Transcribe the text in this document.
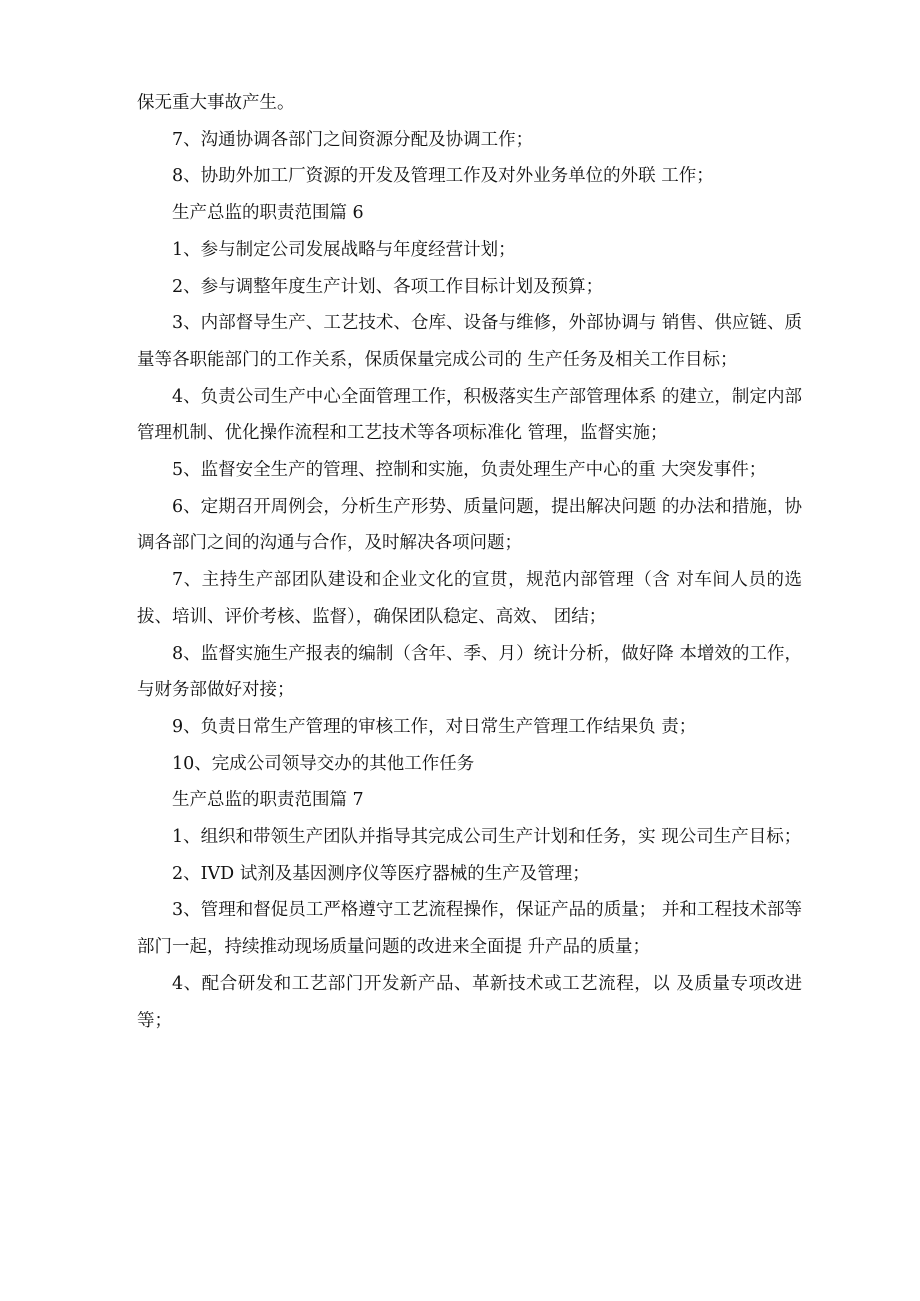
保无重大事故产生。

7、沟通协调各部门之间资源分配及协调工作；

8、协助外加工厂资源的开发及管理工作及对外业务单位的外联 工作；

生产总监的职责范围篇 6

1、参与制定公司发展战略与年度经营计划；

2、参与调整年度生产计划、各项工作目标计划及预算；

3、内部督导生产、工艺技术、仓库、设备与维修，外部协调与 销售、供应链、质量等各职能部门的工作关系，保质保量完成公司的 生产任务及相关工作目标；

4、负责公司生产中心全面管理工作，积极落实生产部管理体系 的建立，制定内部管理机制、优化操作流程和工艺技术等各项标准化 管理，监督实施；

5、监督安全生产的管理、控制和实施，负责处理生产中心的重 大突发事件；

6、定期召开周例会，分析生产形势、质量问题，提出解决问题 的办法和措施，协调各部门之间的沟通与合作，及时解决各项问题；

7、主持生产部团队建设和企业文化的宣贯，规范内部管理（含 对车间人员的选拔、培训、评价考核、监督），确保团队稳定、高效、 团结；

8、监督实施生产报表的编制（含年、季、月）统计分析，做好降 本增效的工作，与财务部做好对接；

9、负责日常生产管理的审核工作，对日常生产管理工作结果负 责；

10、完成公司领导交办的其他工作任务

生产总监的职责范围篇 7

1、组织和带领生产团队并指导其完成公司生产计划和任务，实 现公司生产目标；

2、IVD 试剂及基因测序仪等医疗器械的生产及管理；

3、管理和督促员工严格遵守工艺流程操作，保证产品的质量； 并和工程技术部等部门一起，持续推动现场质量问题的改进来全面提 升产品的质量；

4、配合研发和工艺部门开发新产品、革新技术或工艺流程，以 及质量专项改进等；
